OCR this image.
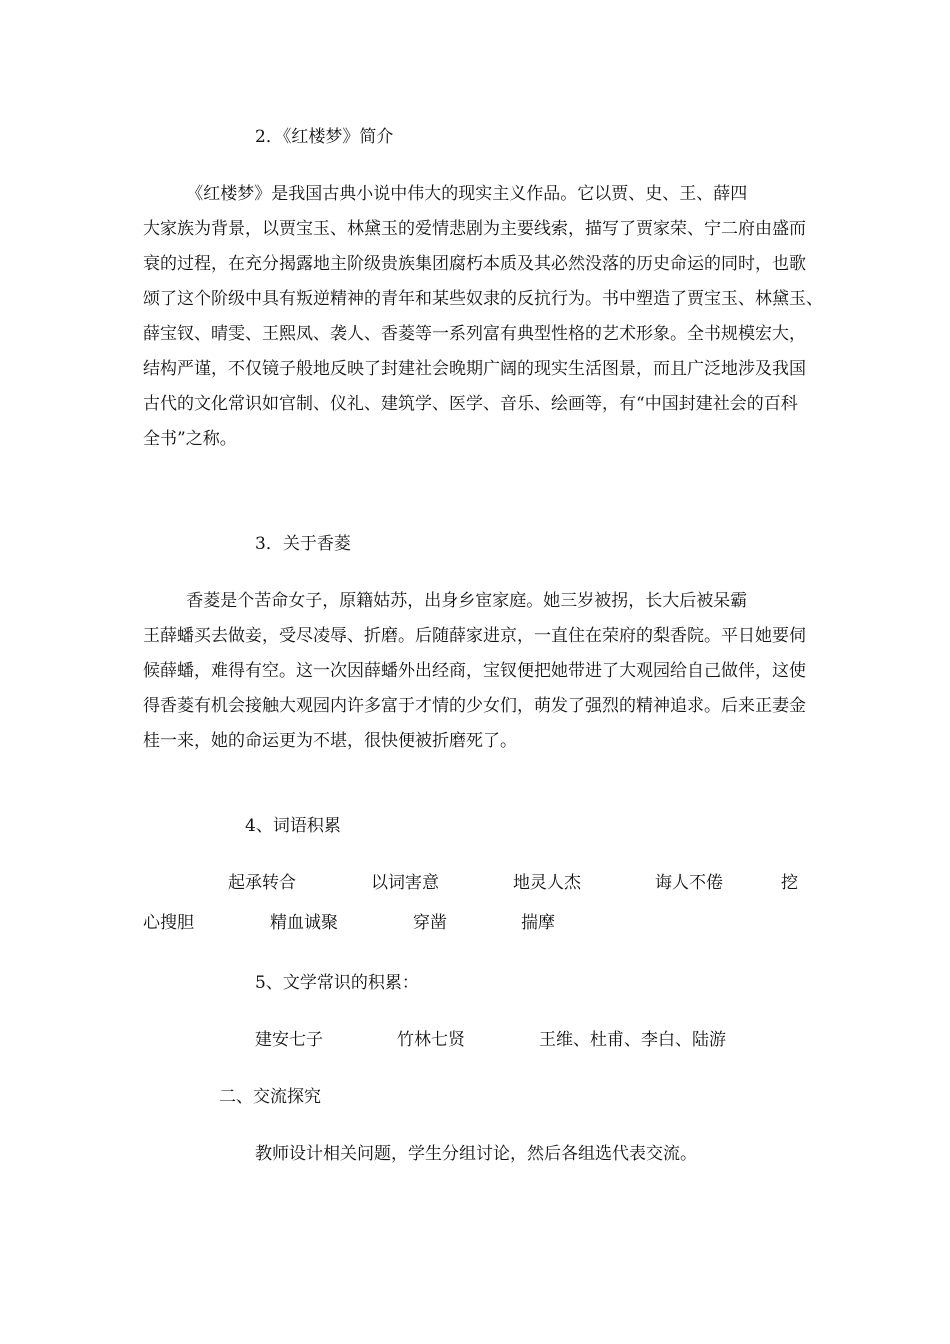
2．《红楼梦》简介
《红楼梦》是我国古典小说中伟大的现实主义作品。它以贾、史、王、薛四
大家族为背景，以贾宝玉、林黛玉的爱情悲剧为主要线索，描写了贾家荣、宁二府由盛而
衰的过程，在充分揭露地主阶级贵族集团腐朽本质及其必然没落的历史命运的同时，也歌
颂了这个阶级中具有叛逆精神的青年和某些奴隶的反抗行为。书中塑造了贾宝玉、林黛玉、
薛宝钗、晴雯、王熙凤、袭人、香菱等一系列富有典型性格的艺术形象。全书规模宏大，
结构严谨，不仅镜子般地反映了封建社会晚期广阔的现实生活图景，而且广泛地涉及我国
古代的文化常识如官制、仪礼、建筑学、医学、音乐、绘画等，有“中国封建社会的百科
全书”之称。
3．关于香菱
香菱是个苦命女子，原籍姑苏，出身乡宦家庭。她三岁被拐，长大后被呆霸
王薛蟠买去做妾，受尽凌辱、折磨。后随薛家进京，一直住在荣府的梨香院。平日她要伺
候薛蟠，难得有空。这一次因薛蟠外出经商，宝钗便把她带进了大观园给自己做伴，这使
得香菱有机会接触大观园内许多富于才情的少女们，萌发了强烈的精神追求。后来正妻金
桂一来，她的命运更为不堪，很快便被折磨死了。
4、词语积累
起承转合	以词害意	地灵人杰	诲人不倦	挖
心搜胆	精血诚聚	穿凿	揣摩
5、文学常识的积累：
建安七子	竹林七贤	王维、杜甫、李白、陆游
二、交流探究
教师设计相关问题，学生分组讨论，然后各组选代表交流。
